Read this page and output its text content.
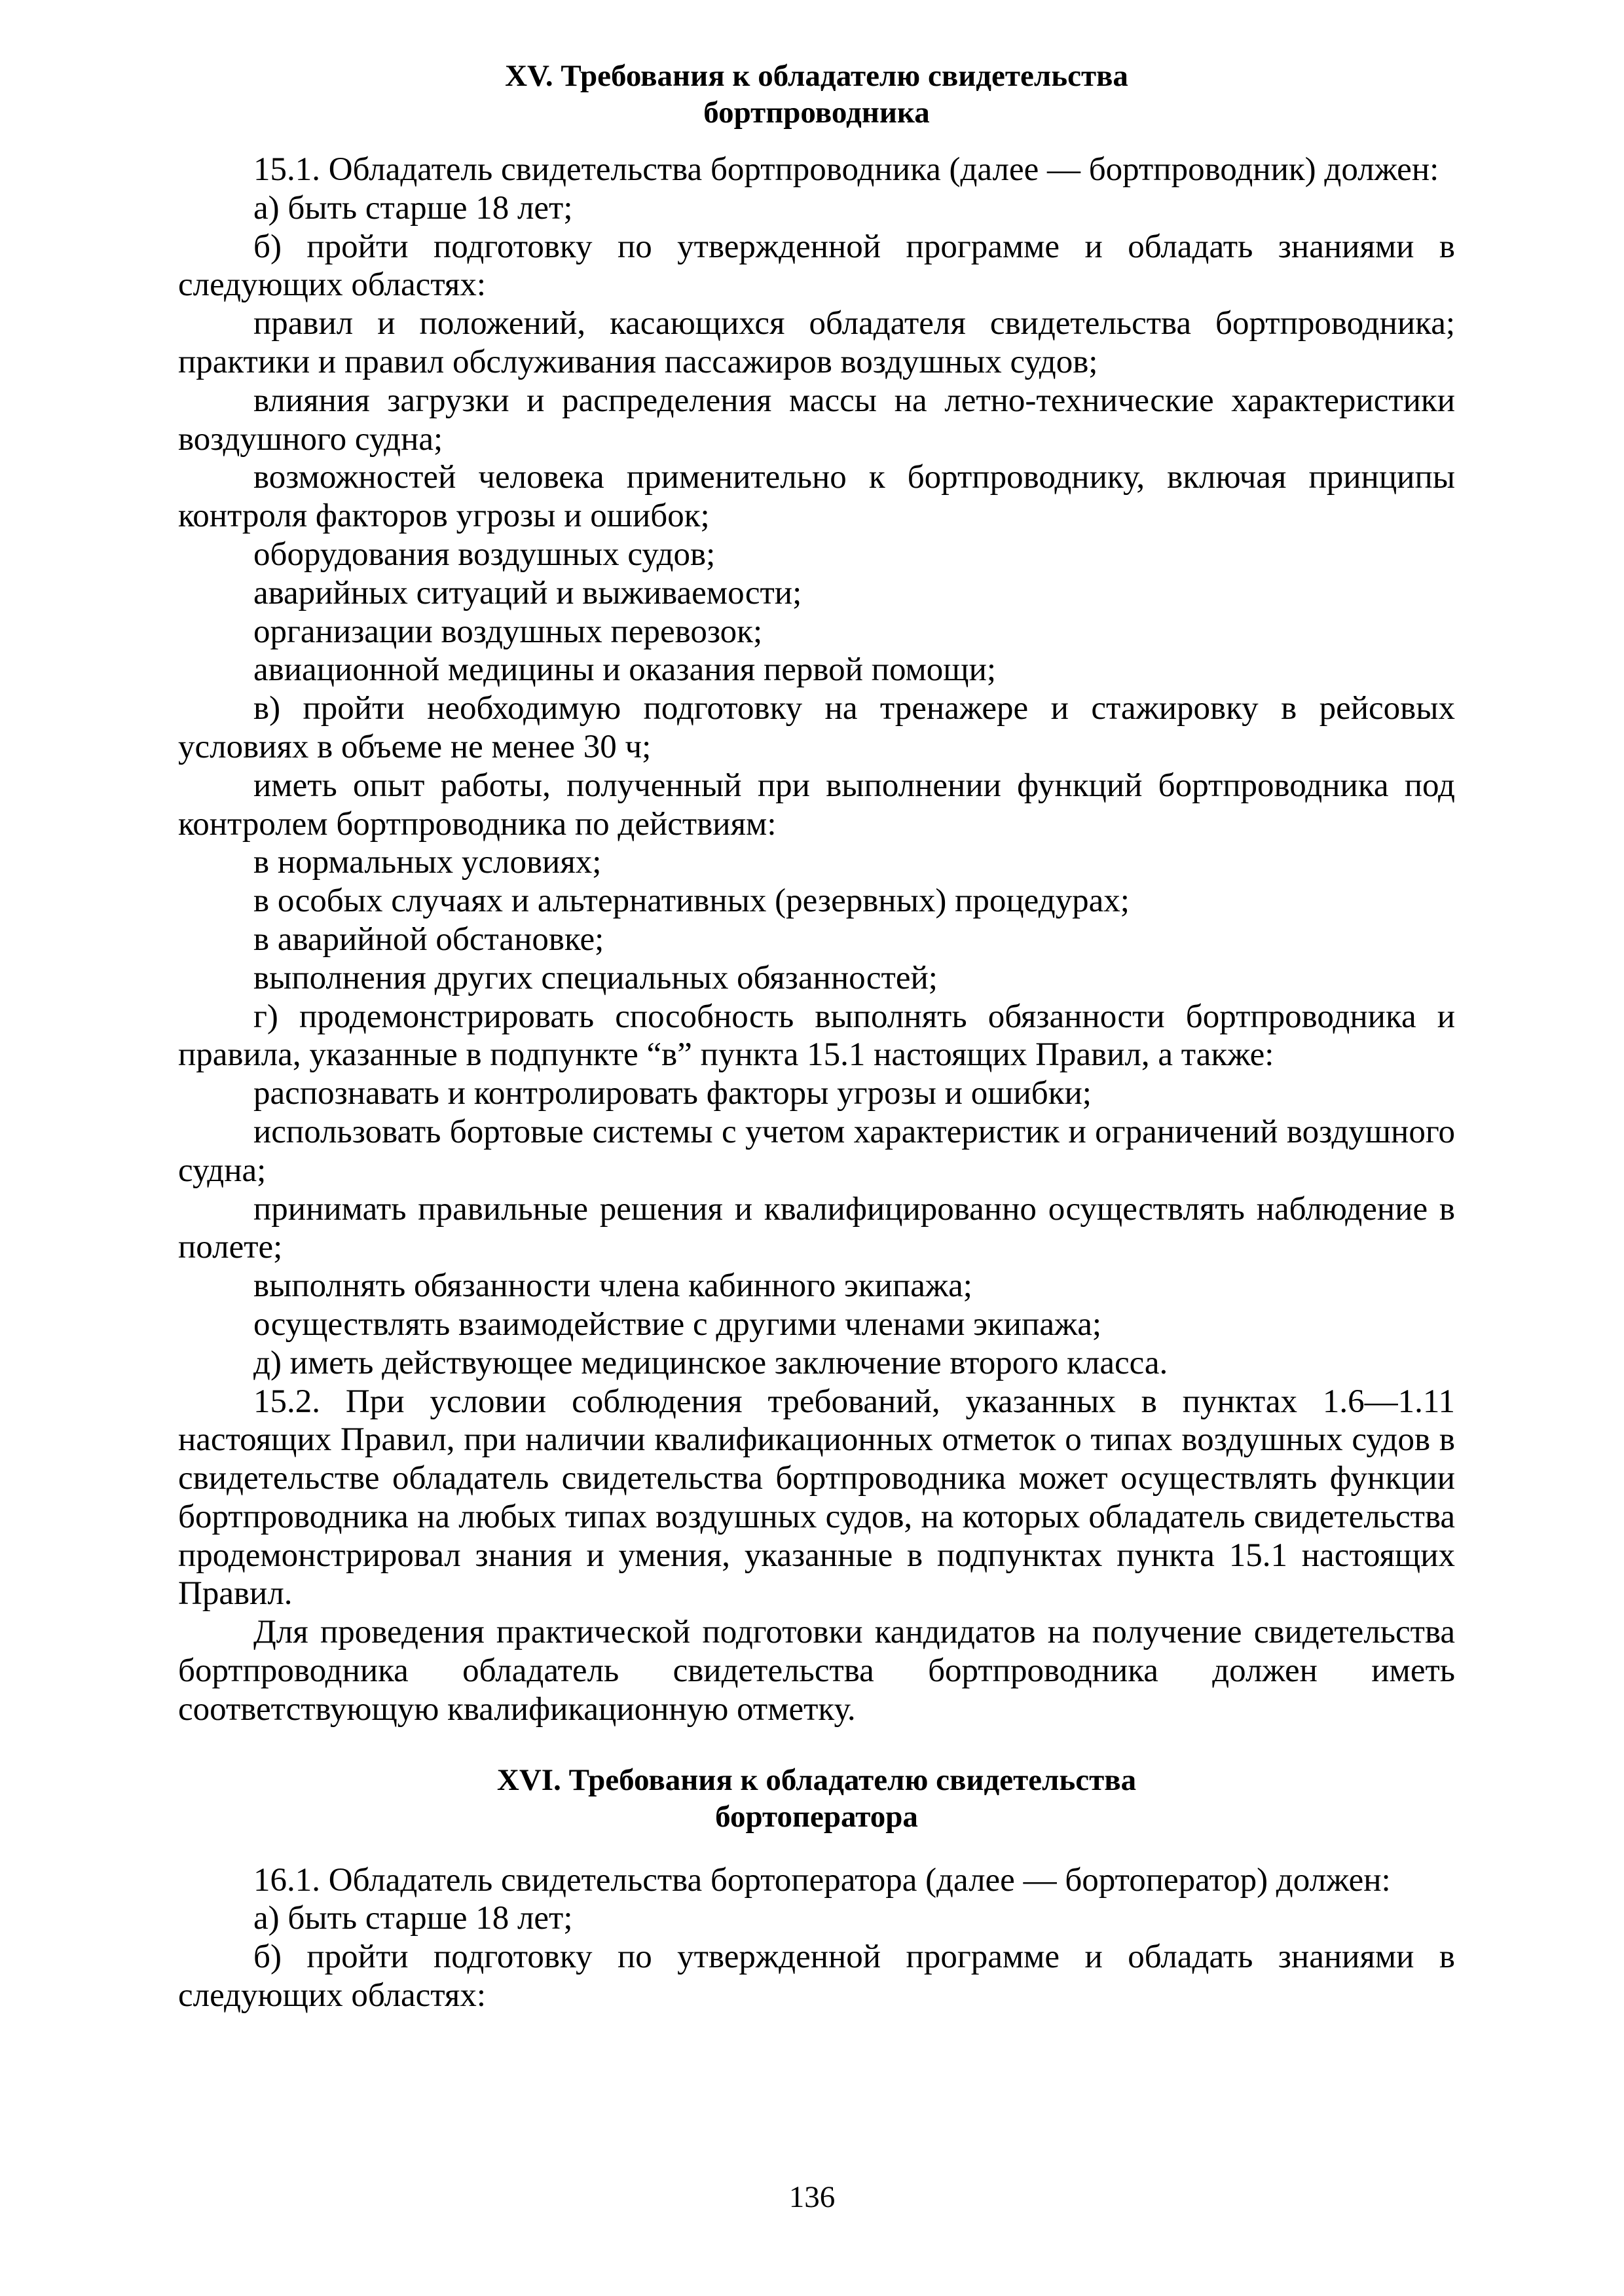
XV. Требования к обладателю свидетельства
бортпроводника

15.1. Обладатель свидетельства бортпроводника (далее — бортпроводник) должен:

а) быть старше 18 лет;

б) пройти подготовку по утвержденной программе и обладать знаниями в следующих областях:

правил и положений, касающихся обладателя свидетельства бортпроводника; практики и правил обслуживания пассажиров воздушных судов;

влияния загрузки и распределения массы на летно-технические характеристики воздушного судна;

возможностей человека применительно к бортпроводнику, включая принципы контроля факторов угрозы и ошибок;

оборудования воздушных судов;

аварийных ситуаций и выживаемости;

организации воздушных перевозок;

авиационной медицины и оказания первой помощи;

в) пройти необходимую подготовку на тренажере и стажировку в рейсовых условиях в объеме не менее 30 ч;

иметь опыт работы, полученный при выполнении функций бортпроводника под контролем бортпроводника по действиям:

в нормальных условиях;

в особых случаях и альтернативных (резервных) процедурах;

в аварийной обстановке;

выполнения других специальных обязанностей;

г) продемонстрировать способность выполнять обязанности бортпроводника и правила, указанные в подпункте “в” пункта 15.1 настоящих Правил, а также:

распознавать и контролировать факторы угрозы и ошибки;

использовать бортовые системы с учетом характеристик и ограничений воздушного судна;

принимать правильные решения и квалифицированно осуществлять наблюдение в полете;

выполнять обязанности члена кабинного экипажа;

осуществлять взаимодействие с другими членами экипажа;

д) иметь действующее медицинское заключение второго класса.

15.2. При условии соблюдения требований, указанных в пунктах 1.6—1.11 настоящих Правил, при наличии квалификационных отметок о типах воздушных судов в свидетельстве обладатель свидетельства бортпроводника может осуществлять функции бортпроводника на любых типах воздушных судов, на которых обладатель свидетельства продемонстрировал знания и умения, указанные в подпунктах пункта 15.1 настоящих Правил.

Для проведения практической подготовки кандидатов на получение свидетельства бортпроводника обладатель свидетельства бортпроводника должен иметь соответствующую квалификационную отметку.

XVI. Требования к обладателю свидетельства
бортоператора

16.1. Обладатель свидетельства бортоператора (далее — бортоператор) должен:

а) быть старше 18 лет;

б) пройти подготовку по утвержденной программе и обладать знаниями в следующих областях:

136
